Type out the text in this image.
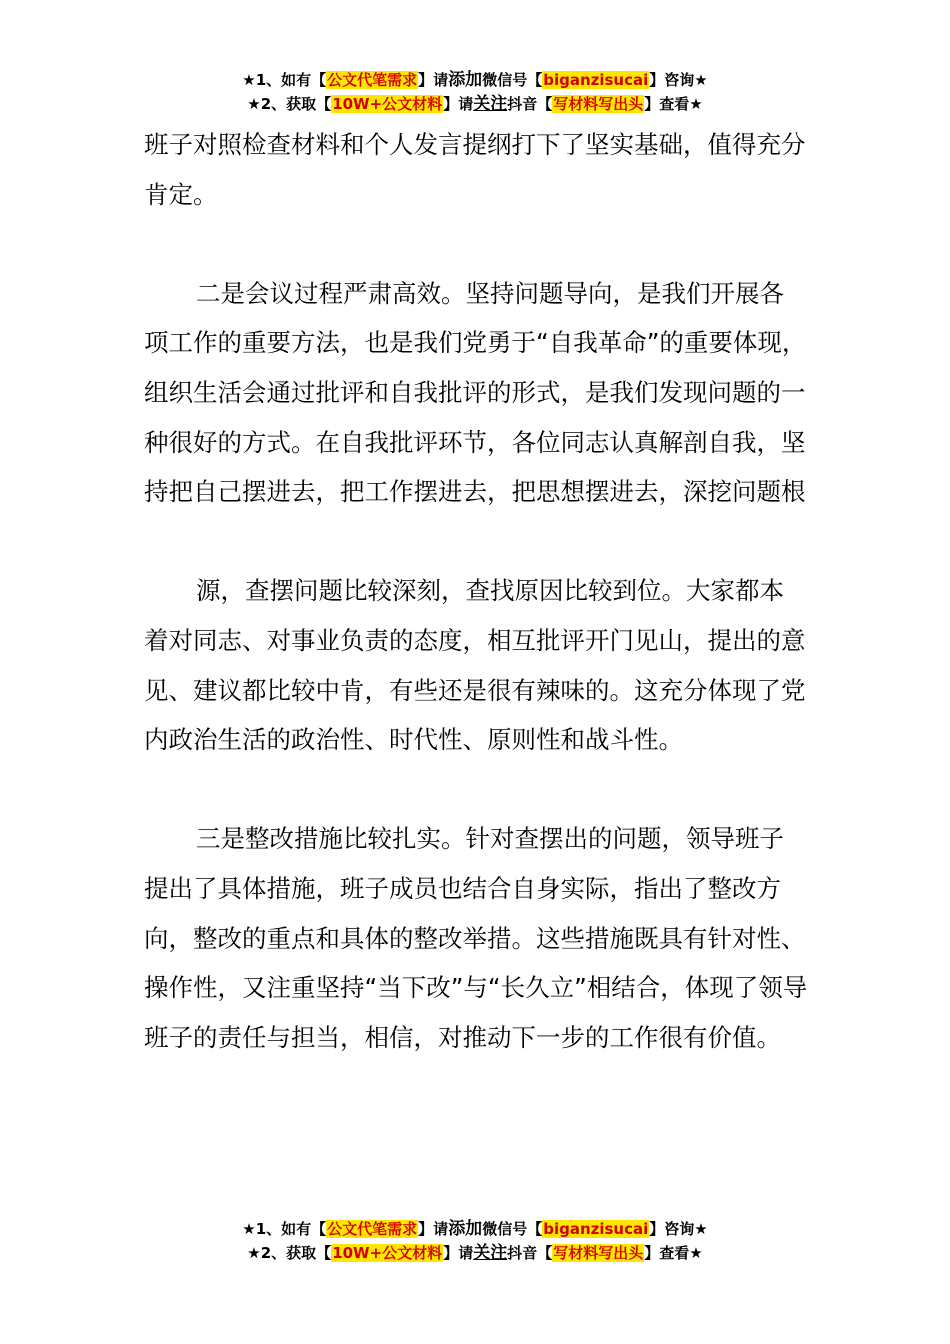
★1、如有【公文代笔需求】请添加微信号【biganzisucai】咨询★
★2、获取【10W+公文材料】请关注抖音【写材料写出头】查看★

班子对照检查材料和个人发言提纲打下了坚实基础，值得充分肯定。

二是会议过程严肃高效。坚持问题导向，是我们开展各项工作的重要方法，也是我们党勇于“自我革命”的重要体现，组织生活会通过批评和自我批评的形式，是我们发现问题的一种很好的方式。在自我批评环节，各位同志认真解剖自我，坚持把自己摆进去，把工作摆进去，把思想摆进去，深挖问题根

源，查摆问题比较深刻，查找原因比较到位。大家都本着对同志、对事业负责的态度，相互批评开门见山，提出的意见、建议都比较中肯，有些还是很有辣味的。这充分体现了党内政治生活的政治性、时代性、原则性和战斗性。

三是整改措施比较扎实。针对查摆出的问题，领导班子提出了具体措施，班子成员也结合自身实际，指出了整改方向，整改的重点和具体的整改举措。这些措施既具有针对性、操作性，又注重坚持“当下改”与“长久立”相结合，体现了领导班子的责任与担当，相信，对推动下一步的工作很有价值。

★1、如有【公文代笔需求】请添加微信号【biganzisucai】咨询★
★2、获取【10W+公文材料】请关注抖音【写材料写出头】查看★
